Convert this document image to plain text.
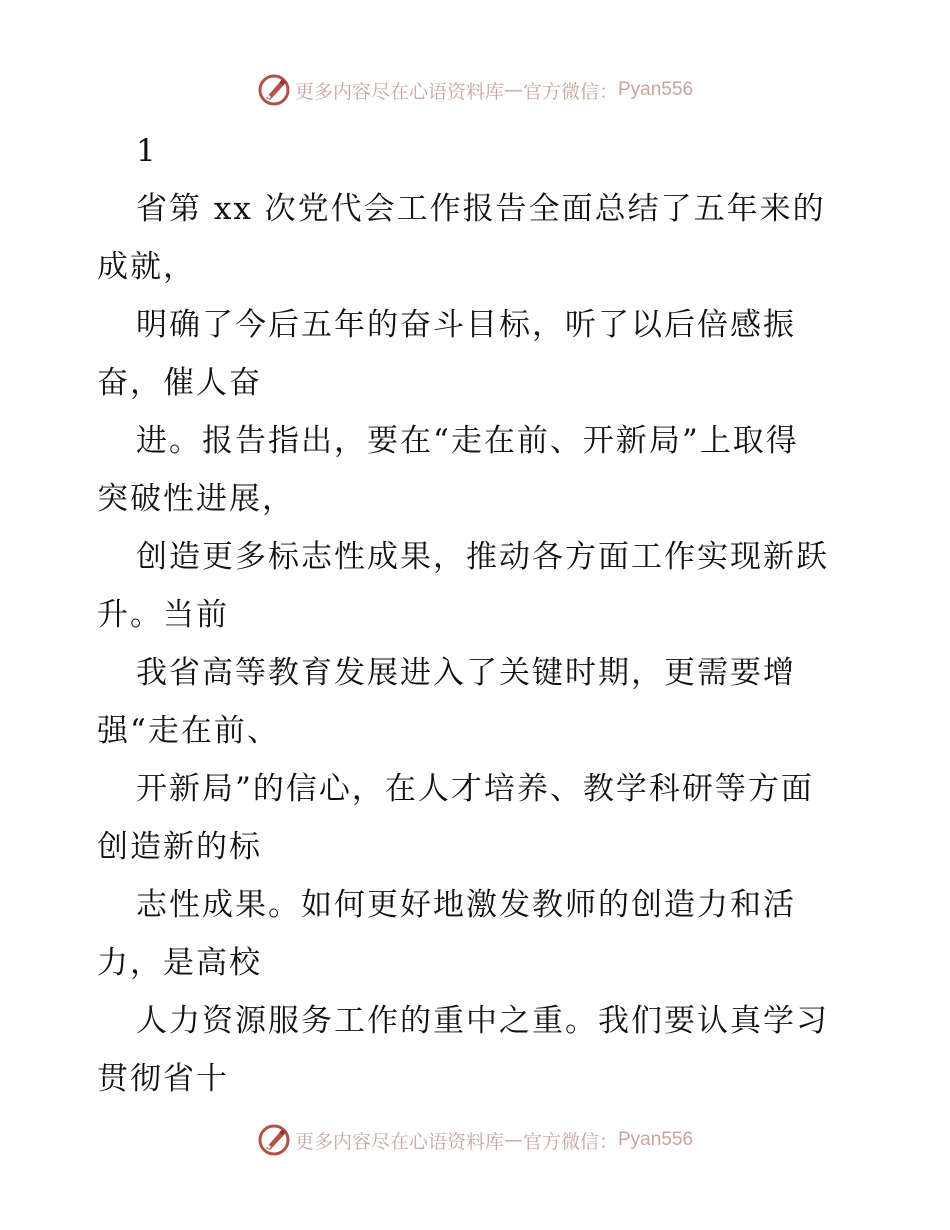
更多内容尽在心语资料库 — 官方微信： Pyan556
1
省第 xx 次党代会工作报告全面总结了五年来的
成就，
明确了今后五年的奋斗目标，听了以后倍感振
奋，催人奋
进。报告指出，要在“走在前、开新局”上取得
突破性进展，
创造更多标志性成果，推动各方面工作实现新跃
升。当前
我省高等教育发展进入了关键时期，更需要增
强“走在前、
开新局”的信心，在人才培养、教学科研等方面
创造新的标
志性成果。如何更好地激发教师的创造力和活
力，是高校
人力资源服务工作的重中之重。我们要认真学习
贯彻省十
更多内容尽在心语资料库 — 官方微信： Pyan556
